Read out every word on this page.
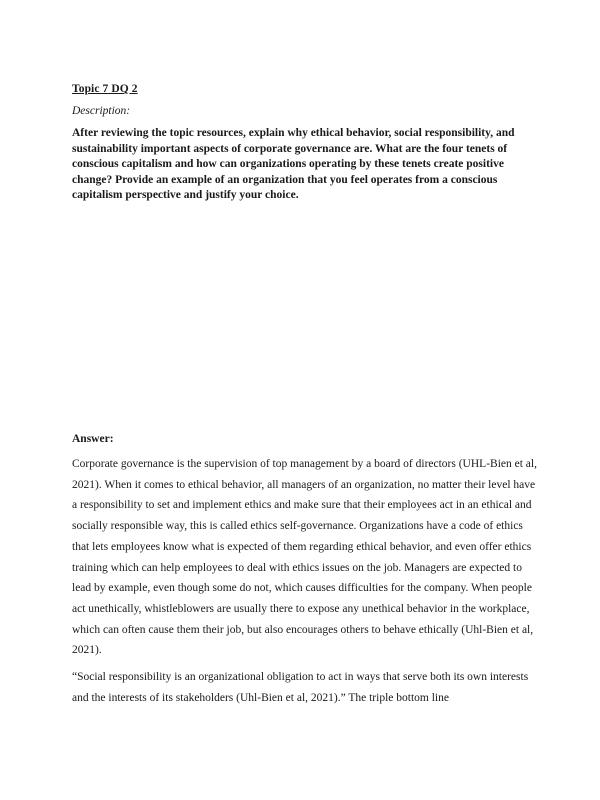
Topic 7 DQ 2
Description:
After reviewing the topic resources, explain why ethical behavior, social responsibility, and sustainability important aspects of corporate governance are. What are the four tenets of conscious capitalism and how can organizations operating by these tenets create positive change? Provide an example of an organization that you feel operates from a conscious capitalism perspective and justify your choice.
Answer:

Corporate governance is the supervision of top management by a board of directors (UHL-Bien et al, 2021). When it comes to ethical behavior, all managers of an organization, no matter their level have a responsibility to set and implement ethics and make sure that their employees act in an ethical and socially responsible way, this is called ethics self-governance. Organizations have a code of ethics that lets employees know what is expected of them regarding ethical behavior, and even offer ethics training which can help employees to deal with ethics issues on the job. Managers are expected to lead by example, even though some do not, which causes difficulties for the company. When people act unethically, whistleblowers are usually there to expose any unethical behavior in the workplace, which can often cause them their job, but also encourages others to behave ethically (Uhl-Bien et al, 2021).

“Social responsibility is an organizational obligation to act in ways that serve both its own interests and the interests of its stakeholders (Uhl-Bien et al, 2021).” The triple bottom line
